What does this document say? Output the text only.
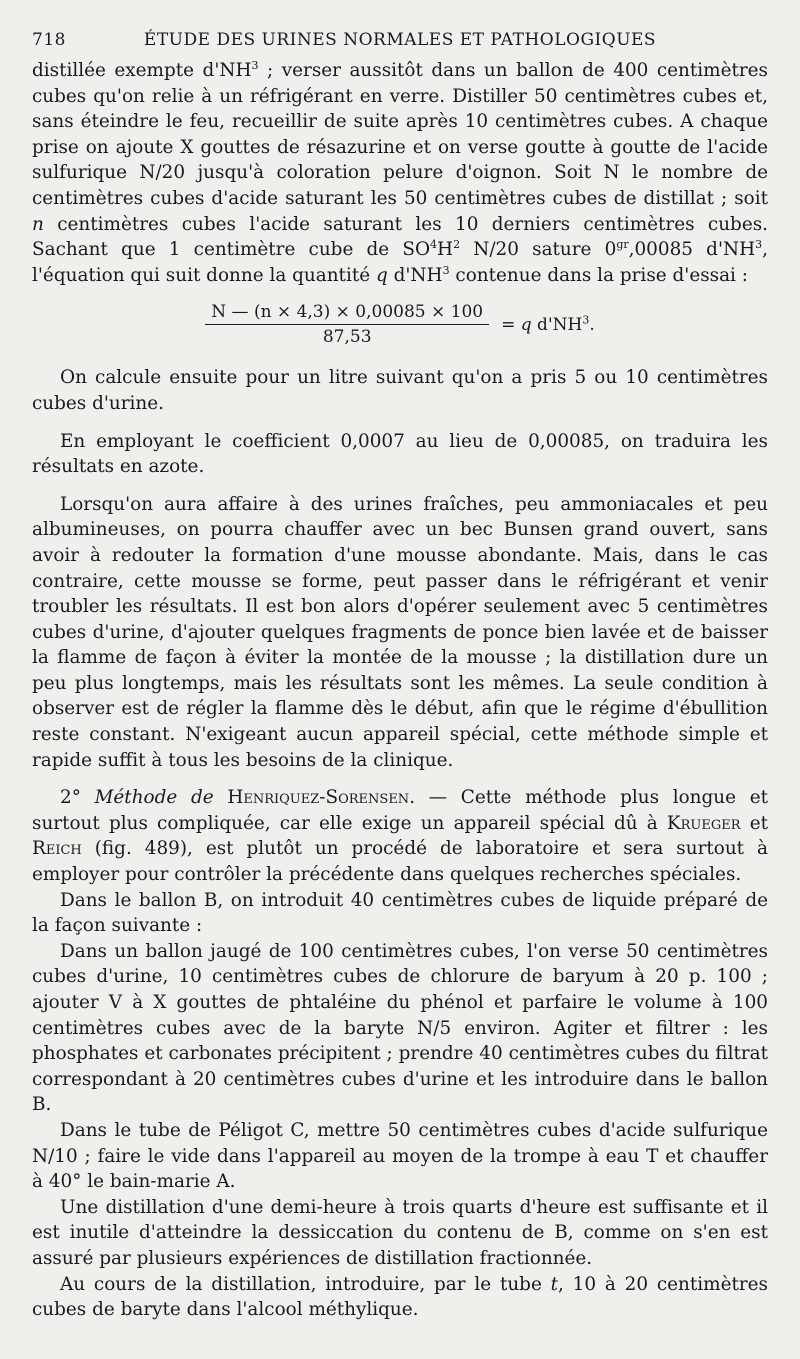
718	ÉTUDE DES URINES NORMALES ET PATHOLOGIQUES

distillée exempte $d'NH^3$ ; verser aussitôt dans un ballon de 400 centimètres cubes qu'on relie à un réfrigérant en verre. Distiller 50 centimètres cubes et, sans éteindre le feu, recueillir de suite après 10 centimètres cubes. A chaque prise on ajoute X gouttes de résazurine et on verse goutte à goutte de l'acide sulfurique N/20 jusqu'à coloration pelure d'oignon. Soit N le nombre de centimètres cubes d'acide saturant les 50 centimètres cubes de distillat ; soit n centimètres cubes l'acide saturant les 10 derniers centimètres cubes. Sachant que 1 centimètre cube de $SO^4H^2$ N/20 sature $0^{gr},00085$ $d'NH^3$, l'équation qui suit donne la quantité q $d'NH^3$ contenue dans la prise d'essai :

$\frac{N — (n \times 4,3) \times 0,00085 \times 100}{87,53} = q$ $d'NH^3$.

On calcule ensuite pour un litre suivant qu'on a pris 5 ou 10 centimètres cubes d'urine.

En employant le coefficient 0,0007 au lieu de 0,00085, on traduira les résultats en azote.

Lorsqu'on aura affaire à des urines fraîches, peu ammoniacales et peu albumineuses, on pourra chauffer avec un bec Bunsen grand ouvert, sans avoir à redouter la formation d'une mousse abondante. Mais, dans le cas contraire, cette mousse se forme, peut passer dans le réfrigérant et venir troubler les résultats. Il est bon alors d'opérer seulement avec 5 centimètres cubes d'urine, d'ajouter quelques fragments de ponce bien lavée et de baisser la flamme de façon à éviter la montée de la mousse ; la distillation dure un peu plus longtemps, mais les résultats sont les mêmes. La seule condition à observer est de régler la flamme dès le début, afin que le régime d'ébullition reste constant. N'exigeant aucun appareil spécial, cette méthode simple et rapide suffit à tous les besoins de la clinique.

2° Méthode de Henriquez-Sorensen. — Cette méthode plus longue et surtout plus compliquée, car elle exige un appareil spécial dû à Krueger et Reich (fig. 489), est plutôt un procédé de laboratoire et sera surtout à employer pour contrôler la précédente dans quelques recherches spéciales.

Dans le ballon B, on introduit 40 centimètres cubes de liquide préparé de la façon suivante :

Dans un ballon jaugé de 100 centimètres cubes, l'on verse 50 centimètres cubes d'urine, 10 centimètres cubes de chlorure de baryum à 20 p. 100 ; ajouter V à X gouttes de phtaléine du phénol et parfaire le volume à 100 centimètres cubes avec de la baryte N/5 environ. Agiter et filtrer : les phosphates et carbonates précipitent ; prendre 40 centimètres cubes du filtrat correspondant à 20 centimètres cubes d'urine et les introduire dans le ballon B.

Dans le tube de Péligot C, mettre 50 centimètres cubes d'acide sulfurique N/10 ; faire le vide dans l'appareil au moyen de la trompe à eau T et chauffer à 40° le bain-marie A.

Une distillation d'une demi-heure à trois quarts d'heure est suffisante et il est inutile d'atteindre la dessiccation du contenu de B, comme on s'en est assuré par plusieurs expériences de distillation fractionnée.

Au cours de la distillation, introduire, par le tube t, 10 à 20 centimètres cubes de baryte dans l'alcool méthylique.
